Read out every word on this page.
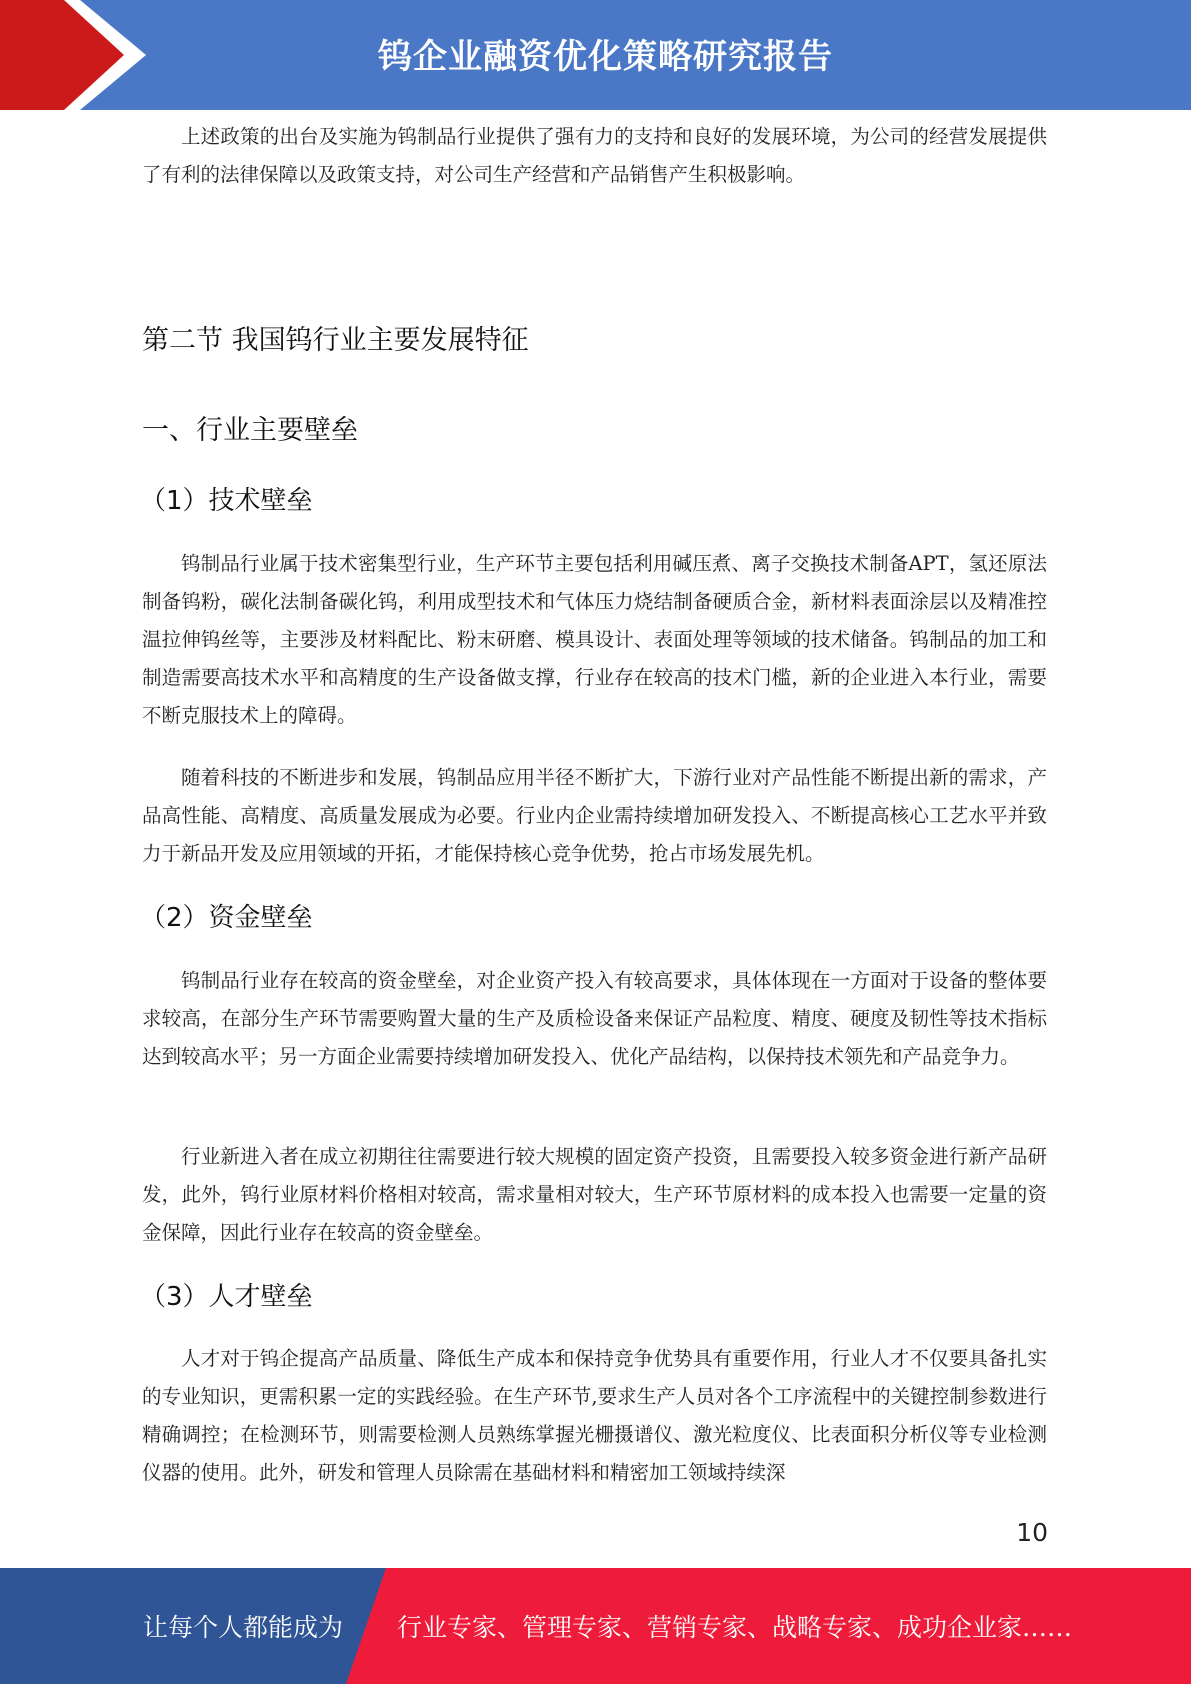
钨企业融资优化策略研究报告

上述政策的出台及实施为钨制品行业提供了强有力的支持和良好的发展环境，为公司的经营发展提供了有利的法律保障以及政策支持，对公司生产经营和产品销售产生积极影响。

第二节 我国钨行业主要发展特征
一、行业主要壁垒
（1）技术壁垒

钨制品行业属于技术密集型行业，生产环节主要包括利用碱压煮、离子交换技术制备APT，氢还原法制备钨粉，碳化法制备碳化钨，利用成型技术和气体压力烧结制备硬质合金，新材料表面涂层以及精准控温拉伸钨丝等，主要涉及材料配比、粉末研磨、模具设计、表面处理等领域的技术储备。钨制品的加工和制造需要高技术水平和高精度的生产设备做支撑，行业存在较高的技术门槛，新的企业进入本行业，需要不断克服技术上的障碍。

随着科技的不断进步和发展，钨制品应用半径不断扩大，下游行业对产品性能不断提出新的需求，产品高性能、高精度、高质量发展成为必要。行业内企业需持续增加研发投入、不断提高核心工艺水平并致力于新品开发及应用领域的开拓，才能保持核心竞争优势，抢占市场发展先机。

（2）资金壁垒

钨制品行业存在较高的资金壁垒，对企业资产投入有较高要求，具体体现在一方面对于设备的整体要求较高，在部分生产环节需要购置大量的生产及质检设备来保证产品粒度、精度、硬度及韧性等技术指标达到较高水平；另一方面企业需要持续增加研发投入、优化产品结构，以保持技术领先和产品竞争力。

行业新进入者在成立初期往往需要进行较大规模的固定资产投资，且需要投入较多资金进行新产品研发，此外，钨行业原材料价格相对较高，需求量相对较大，生产环节原材料的成本投入也需要一定量的资金保障，因此行业存在较高的资金壁垒。

（3）人才壁垒

人才对于钨企提高产品质量、降低生产成本和保持竞争优势具有重要作用，行业人才不仅要具备扎实的专业知识，更需积累一定的实践经验。在生产环节,要求生产人员对各个工序流程中的关键控制参数进行精确调控；在检测环节，则需要检测人员熟练掌握光栅摄谱仪、激光粒度仪、比表面积分析仪等专业检测仪器的使用。此外，研发和管理人员除需在基础材料和精密加工领域持续深

10
让每个人都能成为 行业专家、管理专家、营销专家、战略专家、成功企业家……
